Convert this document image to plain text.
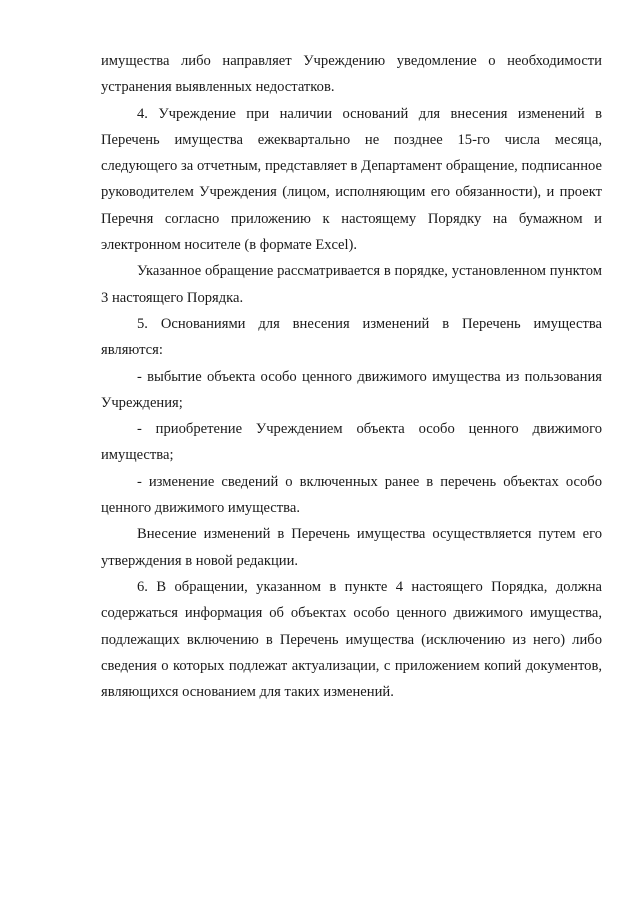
имущества либо направляет Учреждению уведомление о необходимости устранения выявленных недостатков.

4. Учреждение при наличии оснований для внесения изменений в Перечень имущества ежеквартально не позднее 15-го числа месяца, следующего за отчетным, представляет в Департамент обращение, подписанное руководителем Учреждения (лицом, исполняющим его обязанности), и проект Перечня согласно приложению к настоящему Порядку на бумажном и электронном носителе (в формате Excel).

Указанное обращение рассматривается в порядке, установленном пунктом 3 настоящего Порядка.

5. Основаниями для внесения изменений в Перечень имущества являются:

- выбытие объекта особо ценного движимого имущества из пользования Учреждения;

- приобретение Учреждением объекта особо ценного движимого имущества;

- изменение сведений о включенных ранее в перечень объектах особо ценного движимого имущества.

Внесение изменений в Перечень имущества осуществляется путем его утверждения в новой редакции.

6. В обращении, указанном в пункте 4 настоящего Порядка, должна содержаться информация об объектах особо ценного движимого имущества, подлежащих включению в Перечень имущества (исключению из него) либо сведения о которых подлежат актуализации, с приложением копий документов, являющихся основанием для таких изменений.
